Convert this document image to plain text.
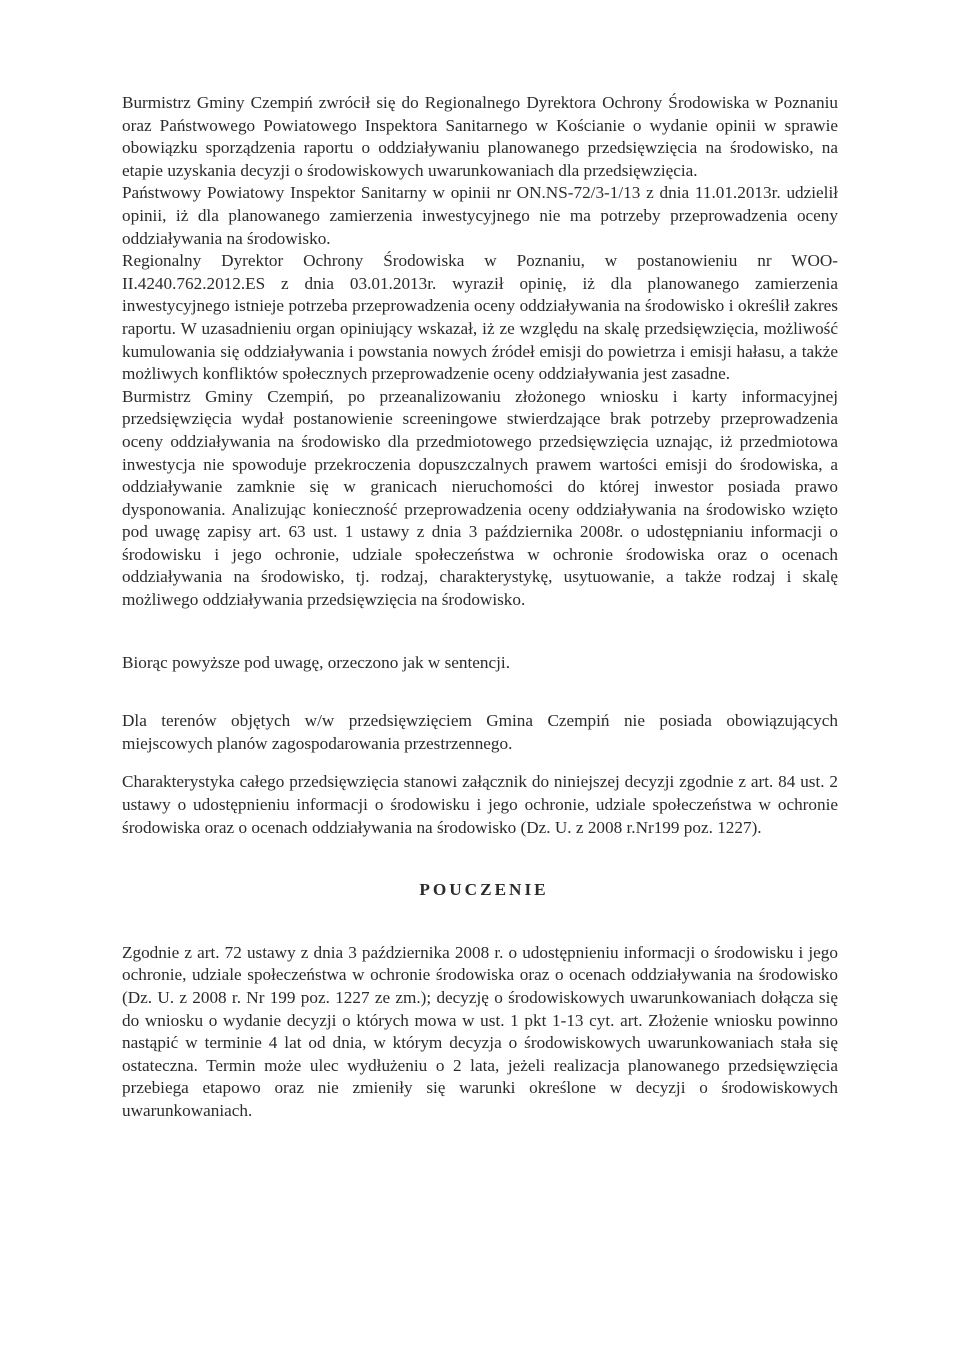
Burmistrz Gminy Czempiń zwrócił się do Regionalnego Dyrektora Ochrony Środowiska w Poznaniu oraz Państwowego Powiatowego Inspektora Sanitarnego w Kościanie o wydanie opinii w sprawie obowiązku sporządzenia raportu o oddziaływaniu planowanego przedsięwzięcia na środowisko, na etapie uzyskania decyzji o środowiskowych uwarunkowaniach dla przedsięwzięcia.

Państwowy Powiatowy Inspektor Sanitarny w opinii nr ON.NS-72/3-1/13 z dnia 11.01.2013r. udzielił opinii, iż dla planowanego zamierzenia inwestycyjnego nie ma potrzeby przeprowadzenia oceny oddziaływania na środowisko.

Regionalny Dyrektor Ochrony Środowiska w Poznaniu, w postanowieniu nr WOO-II.4240.762.2012.ES z dnia 03.01.2013r. wyraził opinię, iż dla planowanego zamierzenia inwestycyjnego istnieje potrzeba przeprowadzenia oceny oddziaływania na środowisko i określił zakres raportu. W uzasadnieniu organ opiniujący wskazał, iż ze względu na skalę przedsięwzięcia, możliwość kumulowania się oddziaływania i powstania nowych źródeł emisji do powietrza i emisji hałasu, a także możliwych konfliktów społecznych przeprowadzenie oceny oddziaływania jest zasadne.

Burmistrz Gminy Czempiń, po przeanalizowaniu złożonego wniosku i karty informacyjnej przedsięwzięcia wydał postanowienie screeningowe stwierdzające brak potrzeby przeprowadzenia oceny oddziaływania na środowisko dla przedmiotowego przedsięwzięcia uznając, iż przedmiotowa inwestycja nie spowoduje przekroczenia dopuszczalnych prawem wartości emisji do środowiska, a oddziaływanie zamknie się w granicach nieruchomości do której inwestor posiada prawo dysponowania. Analizując konieczność przeprowadzenia oceny oddziaływania na środowisko wzięto pod uwagę zapisy art. 63 ust. 1 ustawy z dnia 3 października 2008r. o udostępnianiu informacji o środowisku i jego ochronie, udziale społeczeństwa w ochronie środowiska oraz o ocenach oddziaływania na środowisko, tj. rodzaj, charakterystykę, usytuowanie, a także rodzaj i skalę możliwego oddziaływania przedsięwzięcia na środowisko.

Biorąc powyższe pod uwagę, orzeczono jak w sentencji.

Dla terenów objętych w/w przedsięwzięciem Gmina Czempiń nie posiada obowiązujących miejscowych planów zagospodarowania przestrzennego.

Charakterystyka całego przedsięwzięcia stanowi załącznik do niniejszej decyzji zgodnie z art. 84 ust. 2 ustawy o udostępnieniu informacji o środowisku i jego ochronie, udziale społeczeństwa w ochronie środowiska oraz o ocenach oddziaływania na środowisko (Dz. U. z 2008 r.Nr199 poz. 1227).

POUCZENIE

Zgodnie z art. 72 ustawy z dnia 3 października 2008 r. o udostępnieniu informacji o środowisku i jego ochronie, udziale społeczeństwa w ochronie środowiska oraz o ocenach oddziaływania na środowisko (Dz. U. z 2008 r. Nr 199 poz. 1227 ze zm.); decyzję o środowiskowych uwarunkowaniach dołącza się do wniosku o wydanie decyzji o których mowa w ust. 1 pkt 1-13 cyt. art. Złożenie wniosku powinno nastąpić w terminie 4 lat od dnia, w którym decyzja o środowiskowych uwarunkowaniach stała się ostateczna. Termin może ulec wydłużeniu o 2 lata, jeżeli realizacja planowanego przedsięwzięcia przebiega etapowo oraz nie zmieniły się warunki określone w decyzji o środowiskowych uwarunkowaniach.
